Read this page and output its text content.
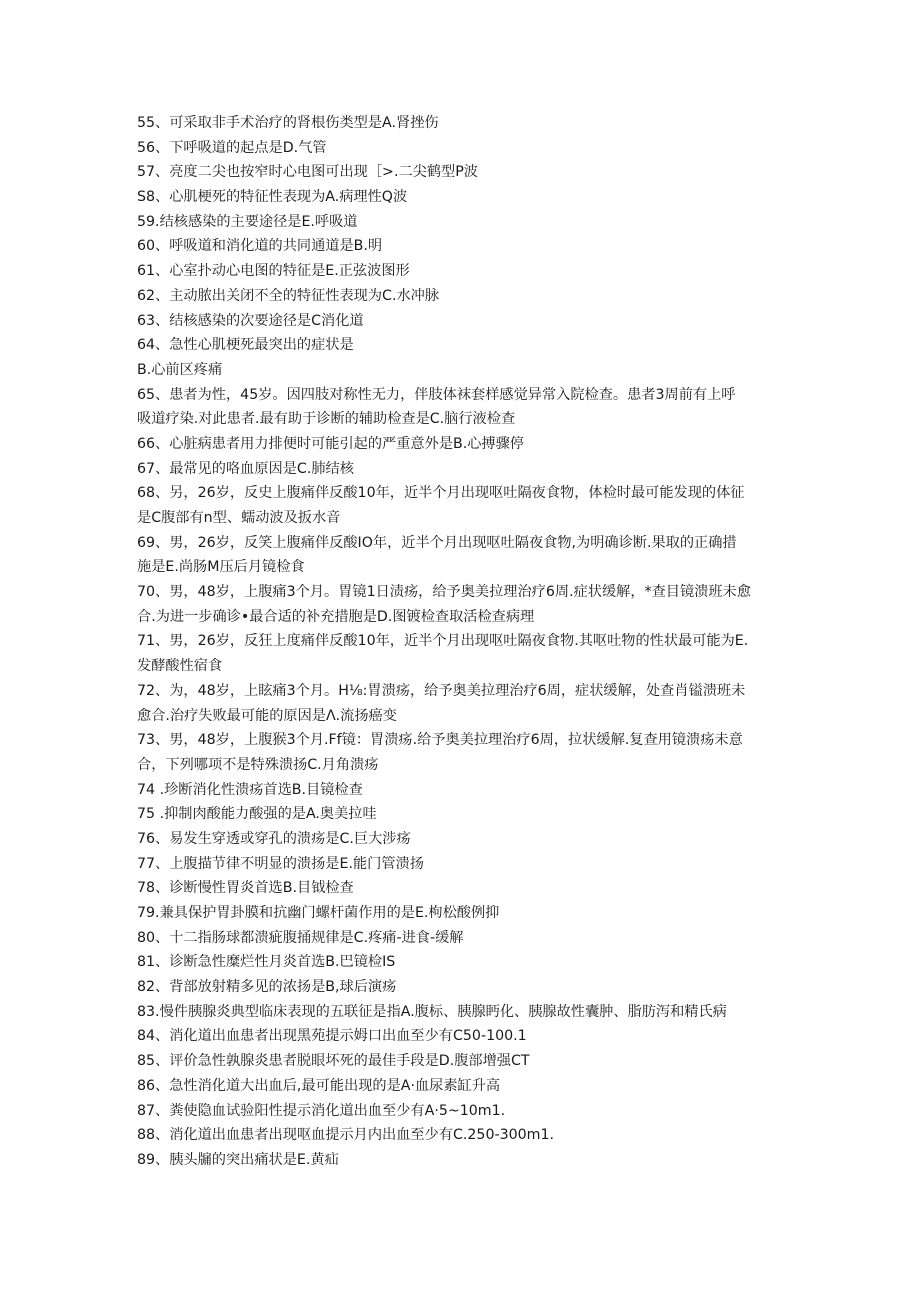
55、可采取非手术治疗的肾根伤类型是A.肾挫伤
56、下呼吸道的起点是D.气管
57、亮度二尖也按窄时心电图可出现［>.二尖鹤型P波
S8、心肌梗死的特征性表现为A.病理性Q波
59.结核感染的主要途径是E.呼吸道
60、呼吸道和消化道的共同通道是B.明
61、心室扑动心电图的特征是E.正弦波图形
62、主动脓出关闭不全的特征性表现为C.水冲脉
63、结核感染的次要途径是C消化道
64、急性心肌梗死最突出的症状是
B.心前区疼痛
65、患者为性，45岁。因四肢对称性无力，伴肢体袜套样感觉异常入院检查。患者3周前有上呼
吸道疗染.对此患者.最有助于诊断的辅助检查是C.脑行液检查
66、心脏病患者用力排便时可能引起的严重意外是B.心搏骤停
67、最常见的咯血原因是C.肺结核
68、另，26岁，反史上腹痛伴反酸10年，近半个月出现呕吐隔夜食物，体检时最可能发现的体征
是C腹部有n型、蠕动波及扳水音
69、男，26岁，反笑上腹痛伴反酸IO年，近半个月出现呕吐隔夜食物,为明确诊断.果取的正确措
施是E.尚肠M压后月镜检食
70、男，48岁，上腹痛3个月。胃镜1日渍疡，给予奥美拉理治疗6周.症状缓解，*查目镜溃班未愈
合.为进一步确诊•最合适的补充措胞是D.图镀检查取活检查病理
71、男，26岁，反狂上度痛伴反酸10年，近半个月出现呕吐隔夜食物.其呕吐物的性状最可能为E.
发酵酸性宿食
72、为，48岁，上眩痛3个月。H⅛:胃溃疡，给予奥美拉理治疗6周，症状缓解，处查肖镒溃班未
愈合.治疗失败最可能的原因是Λ.流扬癌变
73、男，48岁，上腹猴3个月.Ff镜：胃溃疡.给予奥美拉理治疗6周，拉状缓解.复查用镜溃疡未意
合，下列哪项不是特殊溃扬C.月角溃疡
74 .珍断消化性溃疡首选B.目镜检查
75 .抑制肉酸能力酸强的是A.奥美拉哇
76、易发生穿透或穿孔的溃疡是C.巨大涉疡
77、上腹描节律不明显的溃扬是E.能门管溃扬
78、诊断慢性胃炎首选B.目钺检查
79.兼具保护胃卦膜和抗幽门螺杆菌作用的是E.枸松酸例抑
80、十二指肠球都溃疵腹捅规律是C.疼痛-进食-缓解
81、诊断急性糜烂性月炎首选B.巴镜检IS
82、背部放射精多见的浓扬是B,球后演疡
83.慢件胰腺炎典型临床表现的五联征是指A.腹标、胰腺眄化、胰腺故性囊肿、脂肪泻和精氏病
84、消化道出血患者出现黑苑提示姆口出血至少有C50-100.1
85、评价急性孰腺炎患者脱眼坏死的最佳手段是D.腹部增强CT
86、急性消化道大出血后,最可能出现的是A·血尿素缸升高
87、粪使隐血试验阳性提示消化道出血至少有A·5~10m1.
88、消化道出血患者出现呕血提示月内出血至少有C.250-300m1.
89、胰头牖的突出痛状是E.黄疝
